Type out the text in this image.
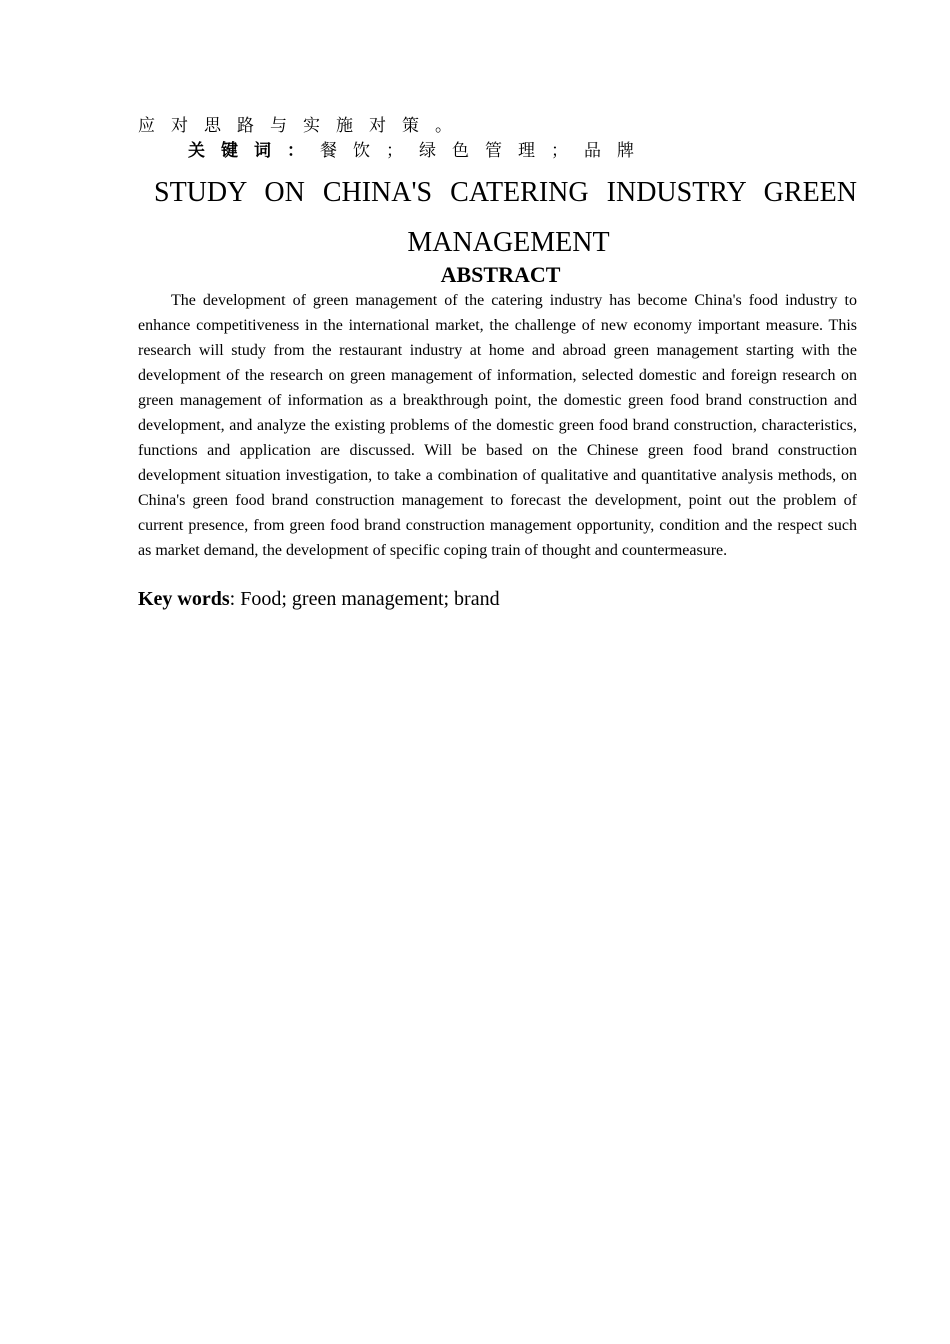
应对思路与实施对策。
关键词：餐饮；绿色管理；品牌
STUDY ON CHINA'S CATERING INDUSTRY GREEN
MANAGEMENT
ABSTRACT

The development of green management of the catering industry has become China's food industry to enhance competitiveness in the international market, the challenge of new economy important measure. This research will study from the restaurant industry at home and abroad green management starting with the development of the research on green management of information, selected domestic and foreign research on green management of information as a breakthrough point, the domestic green food brand construction and development, and analyze the existing problems of the domestic green food brand construction, characteristics, functions and application are discussed. Will be based on the Chinese green food brand construction development situation investigation, to take a combination of qualitative and quantitative analysis methods, on China's green food brand construction management to forecast the development, point out the problem of current presence, from green food brand construction management opportunity, condition and the respect such as market demand, the development of specific coping train of thought and countermeasure.

Key words: Food; green management; brand
